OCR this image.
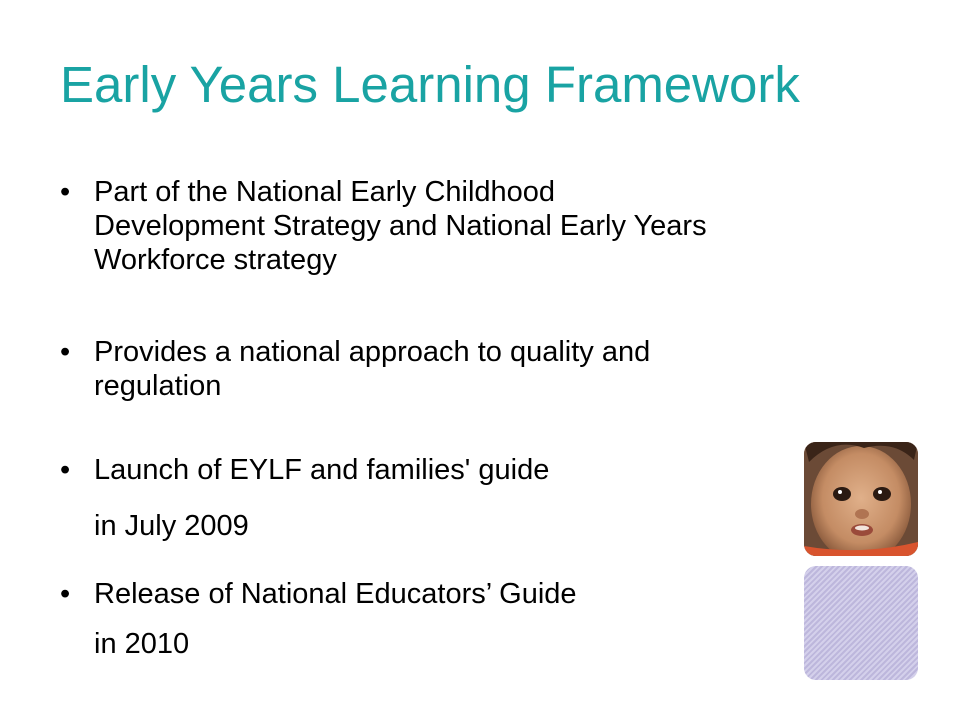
Early Years Learning Framework
• Part of the National Early Childhood
Development Strategy and National Early Years
Workforce strategy
• Provides a national approach to quality and
regulation
• Launch of EYLF and families' guide
in July 2009
• Release of National Educators’ Guide
in 2010
